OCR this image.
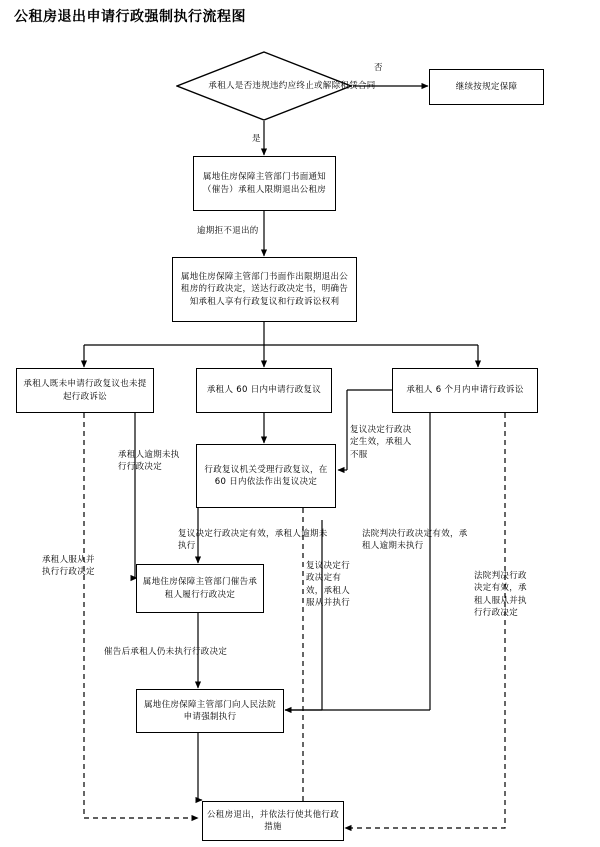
公租房退出申请行政强制执行流程图
承租人是否违规违约应终止或解除租赁合同	继续按规定保障
属地住房保障主管部门书面通知（催告）承租人限期退出公租房
属地住房保障主管部门书面作出限期退出公租房的行政决定，送达行政决定书，明确告知承租人享有行政复议和行政诉讼权利
承租人既未申请行政复议也未提起行政诉讼
承租人 60 日内申请行政复议	承租人 6 个月内申请行政诉讼
行政复议机关受理行政复议，在 60 日内依法作出复议决定
属地住房保障主管部门催告承租人履行行政决定
属地住房保障主管部门向人民法院申请强制执行
公租房退出，并依法行使其他行政措施
否
是
逾期拒不退出的
承租人逾期未执行行政决定
复议决定行政决定生效，承租人不服
复议决定行政决定有效，承租人逾期未执行
法院判决行政决定有效，承租人逾期未执行
承租人服从并执行行政决定
复议决定行政决定有效，承租人服从并执行
法院判决行政决定有效，承租人服从并执行行政决定
催告后承租人仍未执行行政决定
